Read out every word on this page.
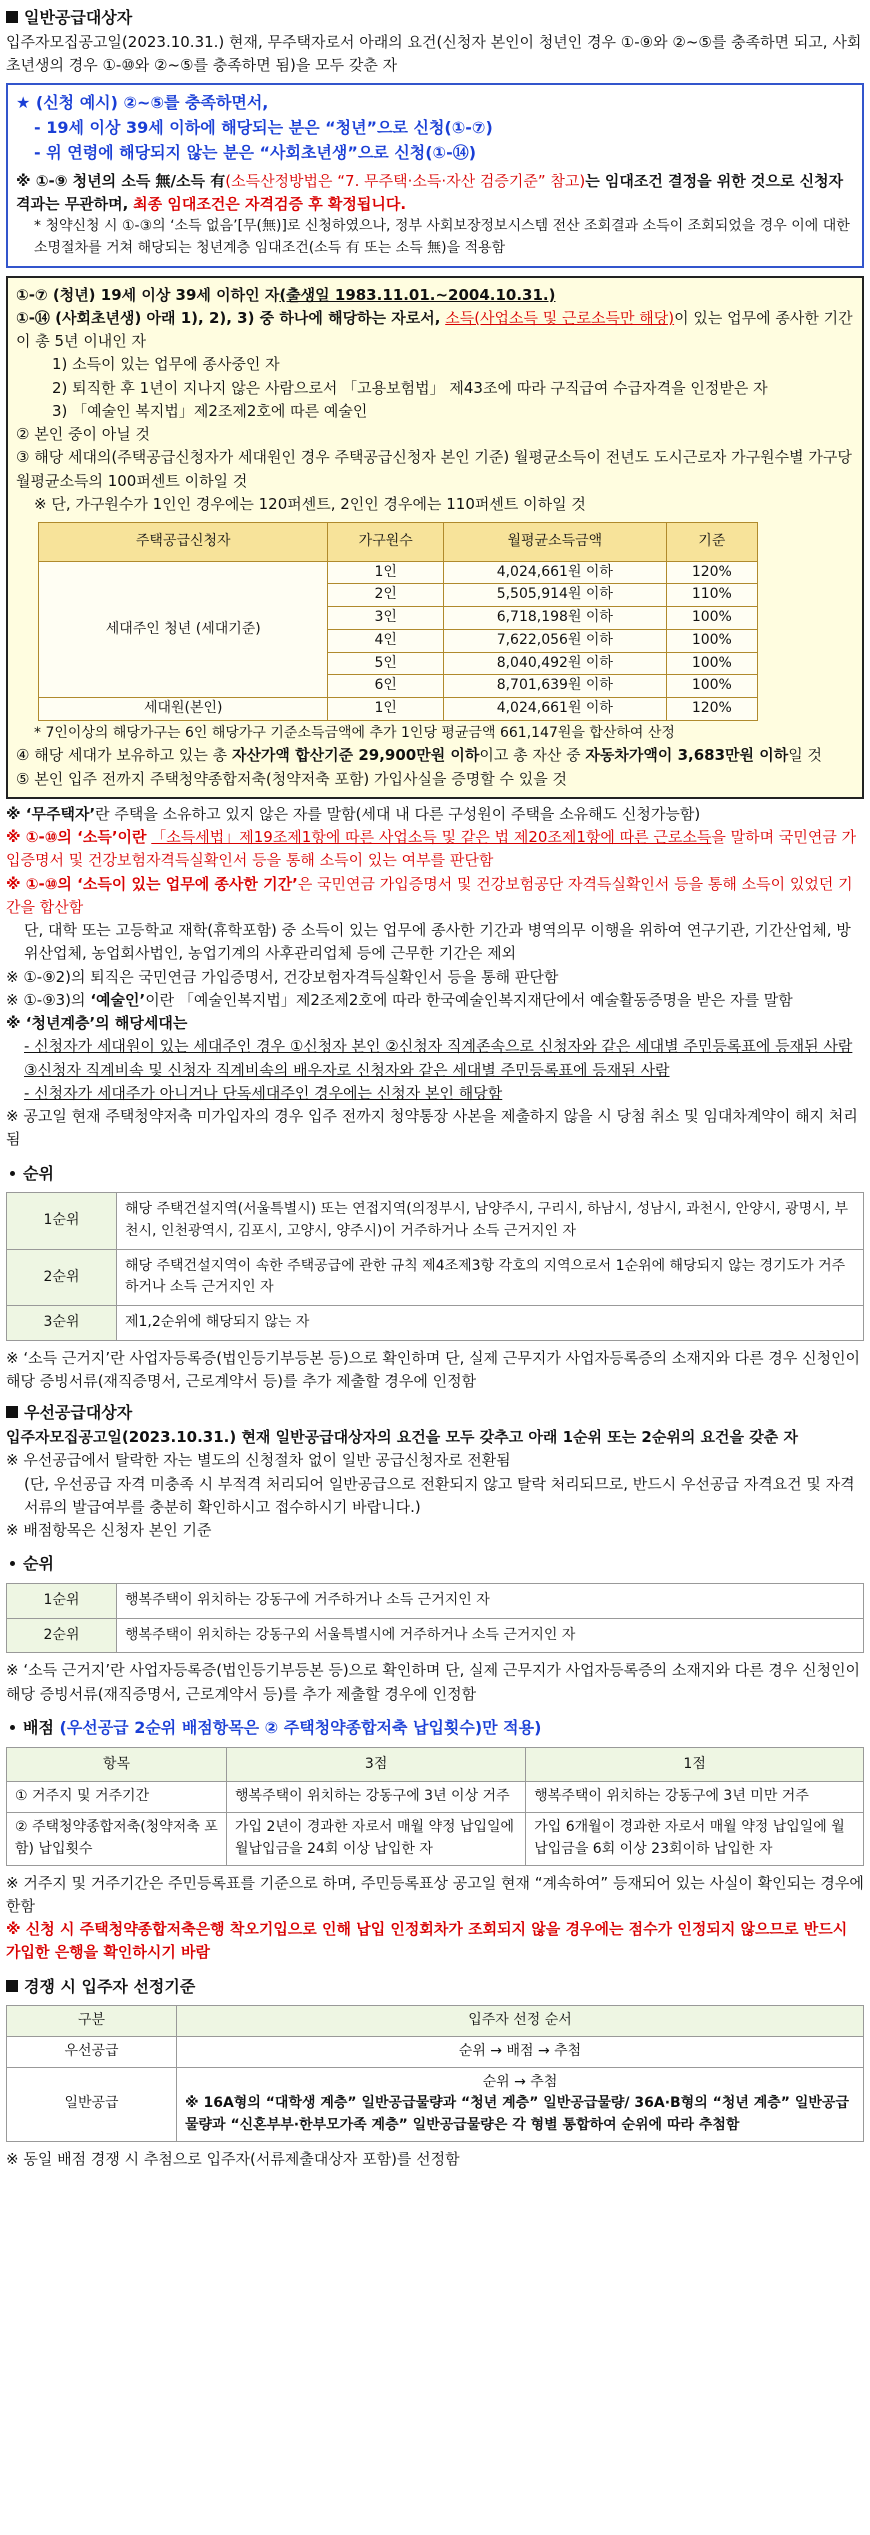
일반공급대상자

입주자모집공고일(2023.10.31.) 현재, 무주택자로서 아래의 요건(신청자 본인이 청년인 경우 ①-⑨와 ②~⑤를 충족하면 되고, 사회초년생의 경우 ①-⑩와 ②~⑤를 충족하면 됨)을 모두 갖춘 자

★ (신청 예시) ②~⑤를 충족하면서,
- 19세 이상 39세 이하에 해당되는 분은 “청년”으로 신청(①-⑦)
- 위 연령에 해당되지 않는 분은 “사회초년생”으로 신청(①-⑭)
※ ①-⑨ 청년의 소득 無/소득 有(소득산정방법은 “7. 무주택·소득·자산 검증기준” 참고)는 임대조건 결정을 위한 것으로 신청자격과는 무관하며, 최종 임대조건은 자격검증 후 확정됩니다.
* 청약신청 시 ①-③의 ‘소득 없음’[무(無)]로 신청하였으나, 정부 사회보장정보시스템 전산 조회결과 소득이 조회되었을 경우 이에 대한 소명절차를 거쳐 해당되는 청년계층 임대조건(소득 有 또는 소득 無)을 적용함
①-⑦ (청년) 19세 이상 39세 이하인 자(출생일 1983.11.01.~2004.10.31.)
①-⑭ (사회초년생) 아래 1), 2), 3) 중 하나에 해당하는 자로서, 소득(사업소득 및 근로소득만 해당)이 있는 업무에 종사한 기간이 총 5년 이내인 자
1) 소득이 있는 업무에 종사중인 자
2) 퇴직한 후 1년이 지나지 않은 사람으로서 「고용보험법」 제43조에 따라 구직급여 수급자격을 인정받은 자
3) 「예술인 복지법」제2조제2호에 따른 예술인
② 본인 중이 아닐 것
③ 해당 세대의(주택공급신청자가 세대원인 경우 주택공급신청자 본인 기준) 월평균소득이 전년도 도시근로자 가구원수별 가구당 월평균소득의 100퍼센트 이하일 것
※ 단, 가구원수가 1인인 경우에는 120퍼센트, 2인인 경우에는 110퍼센트 이하일 것
주택공급신청자	가구원수	월평균소득금액	기준
세대주인 청년 (세대기준)	1인	4,024,661원 이하	120%
	2인	5,505,914원 이하	110%
	3인	6,718,198원 이하	100%
	4인	7,622,056원 이하	100%
	5인	8,040,492원 이하	100%
	6인	8,701,639원 이하	100%
세대원(본인)	1인	4,024,661원 이하	120%
* 7인이상의 해당가구는 6인 해당가구 기준소득금액에 추가 1인당 평균금액 661,147원을 합산하여 산정
④ 해당 세대가 보유하고 있는 총 자산가액 합산기준 29,900만원 이하이고 총 자산 중 자동차가액이 3,683만원 이하일 것
⑤ 본인 입주 전까지 주택청약종합저축(청약저축 포함) 가입사실을 증명할 수 있을 것
※ ‘무주택자’란 주택을 소유하고 있지 않은 자를 말함(세대 내 다른 구성원이 주택을 소유해도 신청가능함)
※ ①-⑩의 ‘소득’이란 「소득세법」제19조제1항에 따른 사업소득 및 같은 법 제20조제1항에 따른 근로소득을 말하며 국민연금 가입증명서 및 건강보험자격득실확인서 등을 통해 소득이 있는 여부를 판단함
※ ①-⑩의 ‘소득이 있는 업무에 종사한 기간’은 국민연금 가입증명서 및 건강보험공단 자격득실확인서 등을 통해 소득이 있었던 기간을 합산함
단, 대학 또는 고등학교 재학(휴학포함) 중 소득이 있는 업무에 종사한 기간과 병역의무 이행을 위하여 연구기관, 기간산업체, 방위산업체, 농업회사법인, 농업기계의 사후관리업체 등에 근무한 기간은 제외
※ ①-⑨2)의 퇴직은 국민연금 가입증명서, 건강보험자격득실확인서 등을 통해 판단함
※ ①-⑨3)의 ‘예술인’이란 「예술인복지법」제2조제2호에 따라 한국예술인복지재단에서 예술활동증명을 받은 자를 말함
※ ‘청년계층’의 해당세대는
- 신청자가 세대원이 있는 세대주인 경우 ①신청자 본인 ②신청자 직계존속으로 신청자와 같은 세대별 주민등록표에 등재된 사람 ③신청자 직계비속 및 신청자 직계비속의 배우자로 신청자와 같은 세대별 주민등록표에 등재된 사람
- 신청자가 세대주가 아니거나 단독세대주인 경우에는 신청자 본인 해당함
※ 공고일 현재 주택청약저축 미가입자의 경우 입주 전까지 청약통장 사본을 제출하지 않을 시 당첨 취소 및 임대차계약이 해지 처리됨
순위
1순위	해당 주택건설지역(서울특별시) 또는 연접지역(의정부시, 남양주시, 구리시, 하남시, 성남시, 과천시, 안양시, 광명시, 부천시, 인천광역시, 김포시, 고양시, 양주시)이 거주하거나 소득 근거지인 자
2순위	해당 주택건설지역이 속한 주택공급에 관한 규칙 제4조제3항 각호의 지역으로서 1순위에 해당되지 않는 경기도가 거주하거나 소득 근거지인 자
3순위	제1,2순위에 해당되지 않는 자
※ ‘소득 근거지’란 사업자등록증(법인등기부등본 등)으로 확인하며 단, 실제 근무지가 사업자등록증의 소재지와 다른 경우 신청인이 해당 증빙서류(재직증명서, 근로계약서 등)를 추가 제출할 경우에 인정함
우선공급대상자

입주자모집공고일(2023.10.31.) 현재 일반공급대상자의 요건을 모두 갖추고 아래 1순위 또는 2순위의 요건을 갖춘 자

※ 우선공급에서 탈락한 자는 별도의 신청절차 없이 일반 공급신청자로 전환됨
(단, 우선공급 자격 미충족 시 부적격 처리되어 일반공급으로 전환되지 않고 탈락 처리되므로, 반드시 우선공급 자격요건 및 자격서류의 발급여부를 충분히 확인하시고 접수하시기 바랍니다.)
※ 배점항목은 신청자 본인 기준
순위
1순위	행복주택이 위치하는 강동구에 거주하거나 소득 근거지인 자
2순위	행복주택이 위치하는 강동구외 서울특별시에 거주하거나 소득 근거지인 자
※ ‘소득 근거지’란 사업자등록증(법인등기부등본 등)으로 확인하며 단, 실제 근무지가 사업자등록증의 소재지와 다른 경우 신청인이 해당 증빙서류(재직증명서, 근로계약서 등)를 추가 제출할 경우에 인정함
배점 (우선공급 2순위 배점항목은 ② 주택청약종합저축 납입횟수)만 적용)
항목	3점	1점
① 거주지 및 거주기간	행복주택이 위치하는 강동구에 3년 이상 거주	행복주택이 위치하는 강동구에 3년 미만 거주
② 주택청약종합저축(청약저축 포함) 납입횟수	가입 2년이 경과한 자로서 매월 약정 납입일에 월납입금을 24회 이상 납입한 자	가입 6개월이 경과한 자로서 매월 약정 납입일에 월납입금을 6회 이상 23회이하 납입한 자
※ 거주지 및 거주기간은 주민등록표를 기준으로 하며, 주민등록표상 공고일 현재 “계속하여” 등재되어 있는 사실이 확인되는 경우에 한함
※ 신청 시 주택청약종합저축은행 착오기입으로 인해 납입 인정회차가 조회되지 않을 경우에는 점수가 인정되지 않으므로 반드시 가입한 은행을 확인하시기 바람
경쟁 시 입주자 선정기준
구분	입주자 선정 순서
우선공급	순위 → 배점 → 추첨
일반공급	순위 → 추첨
※ 16A형의 “대학생 계층” 일반공급물량과 “청년 계층” 일반공급물량/ 36A·B형의 “청년 계층” 일반공급물량과 “신혼부부·한부모가족 계층” 일반공급물량은 각 형별 통합하여 순위에 따라 추첨함
※ 동일 배점 경쟁 시 추첨으로 입주자(서류제출대상자 포함)를 선정함
